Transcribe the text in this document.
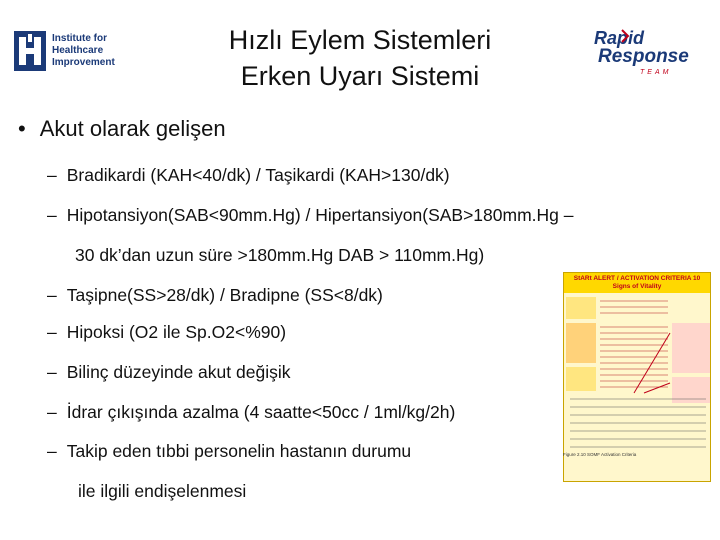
Institute for
Healthcare
Improvement
Hızlı Eylem Sistemleri
Erken Uyarı Sistemi
Rapid
Response
TEAM
• Akut olarak gelişen
– Bradikardi (KAH<40/dk) / Taşikardi (KAH>130/dk)
– Hipotansiyon(SAB<90mm.Hg) / Hipertansiyon(SAB>180mm.Hg –
30 dk’dan uzun süre >180mm.Hg DAB > 110mm.Hg)
– Taşipne(SS>28/dk) / Bradipne (SS<8/dk)
– Hipoksi (O2 ile Sp.O2<%90)
– Bilinç düzeyinde akut değişik
– İdrar çıkışında azalma (4 saatte<50cc / 1ml/kg/2h)
– Takip eden tıbbi personelin hastanın durumu
ile ilgili endişelenmesi
StARt ALERT / ACTIVATION CRITERIA 10 Signs of Vitality
Figure 2.10 SOMF Activation Criteria
